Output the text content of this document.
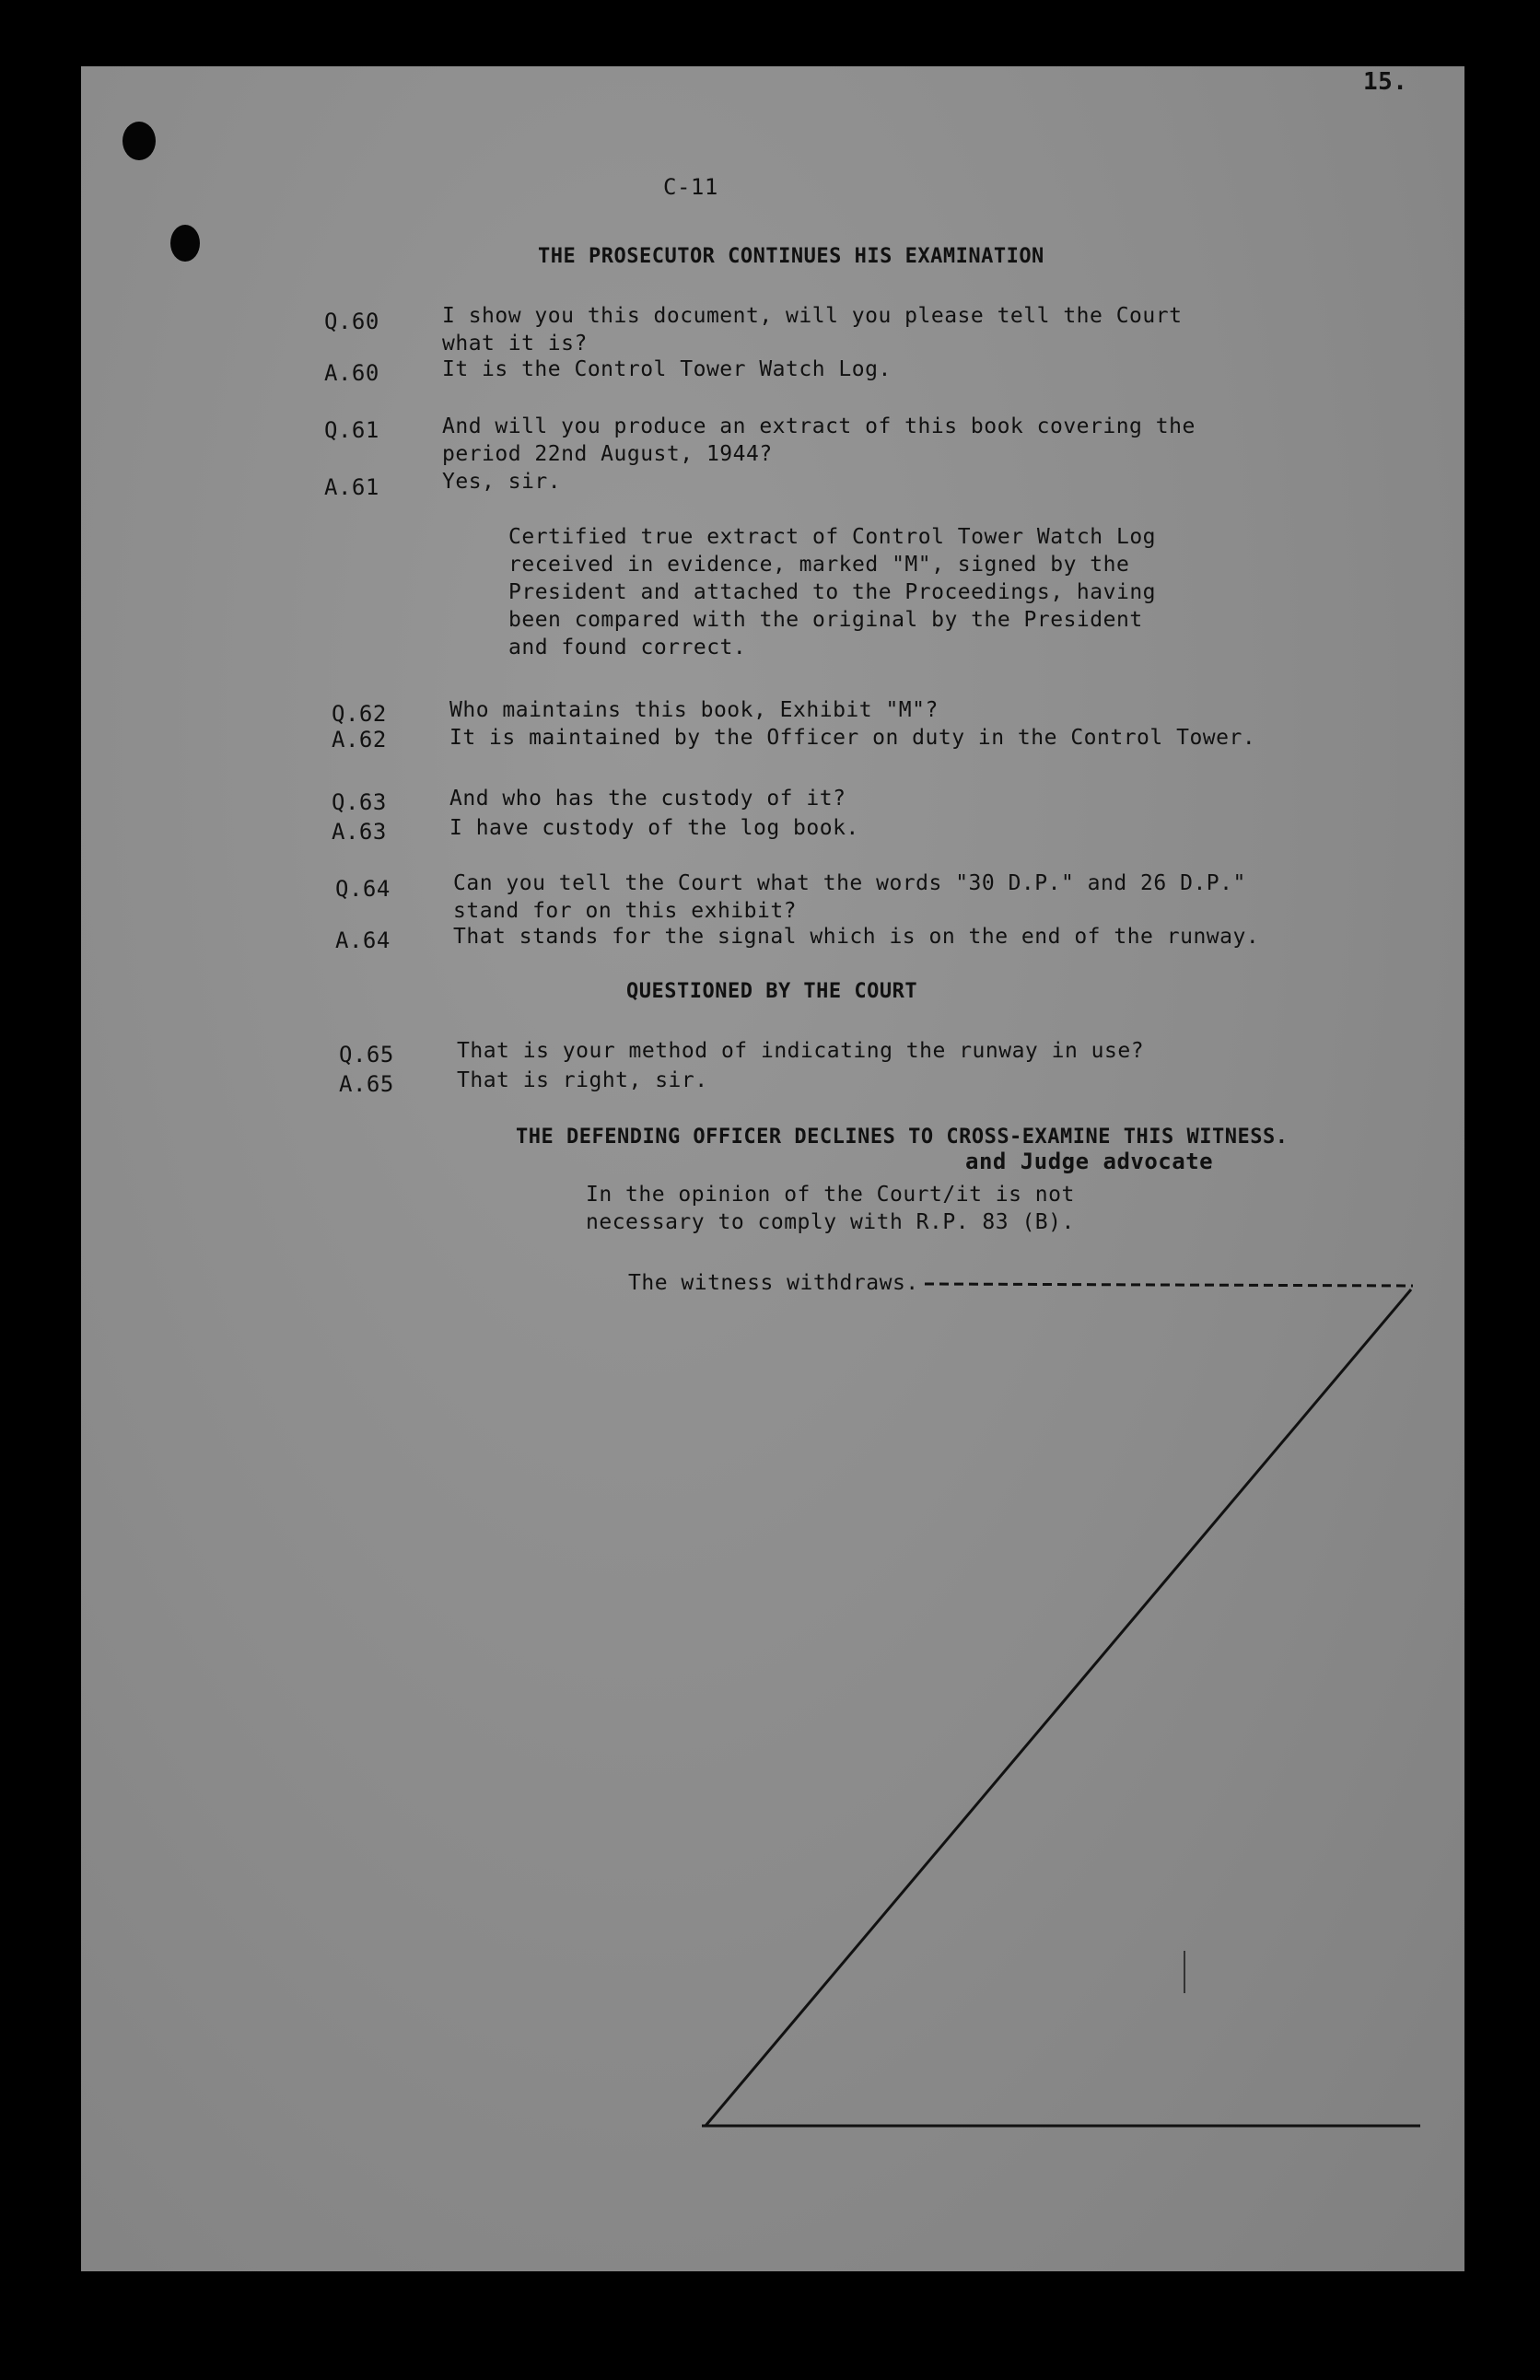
15.
C-11
THE PROSECUTOR CONTINUES HIS EXAMINATION
Q.60	I show you this document, will you please tell the Court
what it is?
A.60	It is the Control Tower Watch Log.
Q.61	And will you produce an extract of this book covering the
period 22nd August, 1944?
A.61	Yes, sir.
Certified true extract of Control Tower Watch Log
received in evidence, marked "M", signed by the
President and attached to the Proceedings, having
been compared with the original by the President
and found correct.
Q.62	Who maintains this book, Exhibit "M"?
A.62	It is maintained by the Officer on duty in the Control Tower.
Q.63	And who has the custody of it?
A.63	I have custody of the log book.
Q.64	Can you tell the Court what the words "30 D.P." and 26 D.P."
stand for on this exhibit?
A.64	That stands for the signal which is on the end of the runway.
QUESTIONED BY THE COURT
Q.65	That is your method of indicating the runway in use?
A.65	That is right, sir.
THE DEFENDING OFFICER DECLINES TO CROSS-EXAMINE THIS WITNESS.
and Judge advocate
In the opinion of the Court/it is not
necessary to comply with R.P. 83 (B).
The witness withdraws.
